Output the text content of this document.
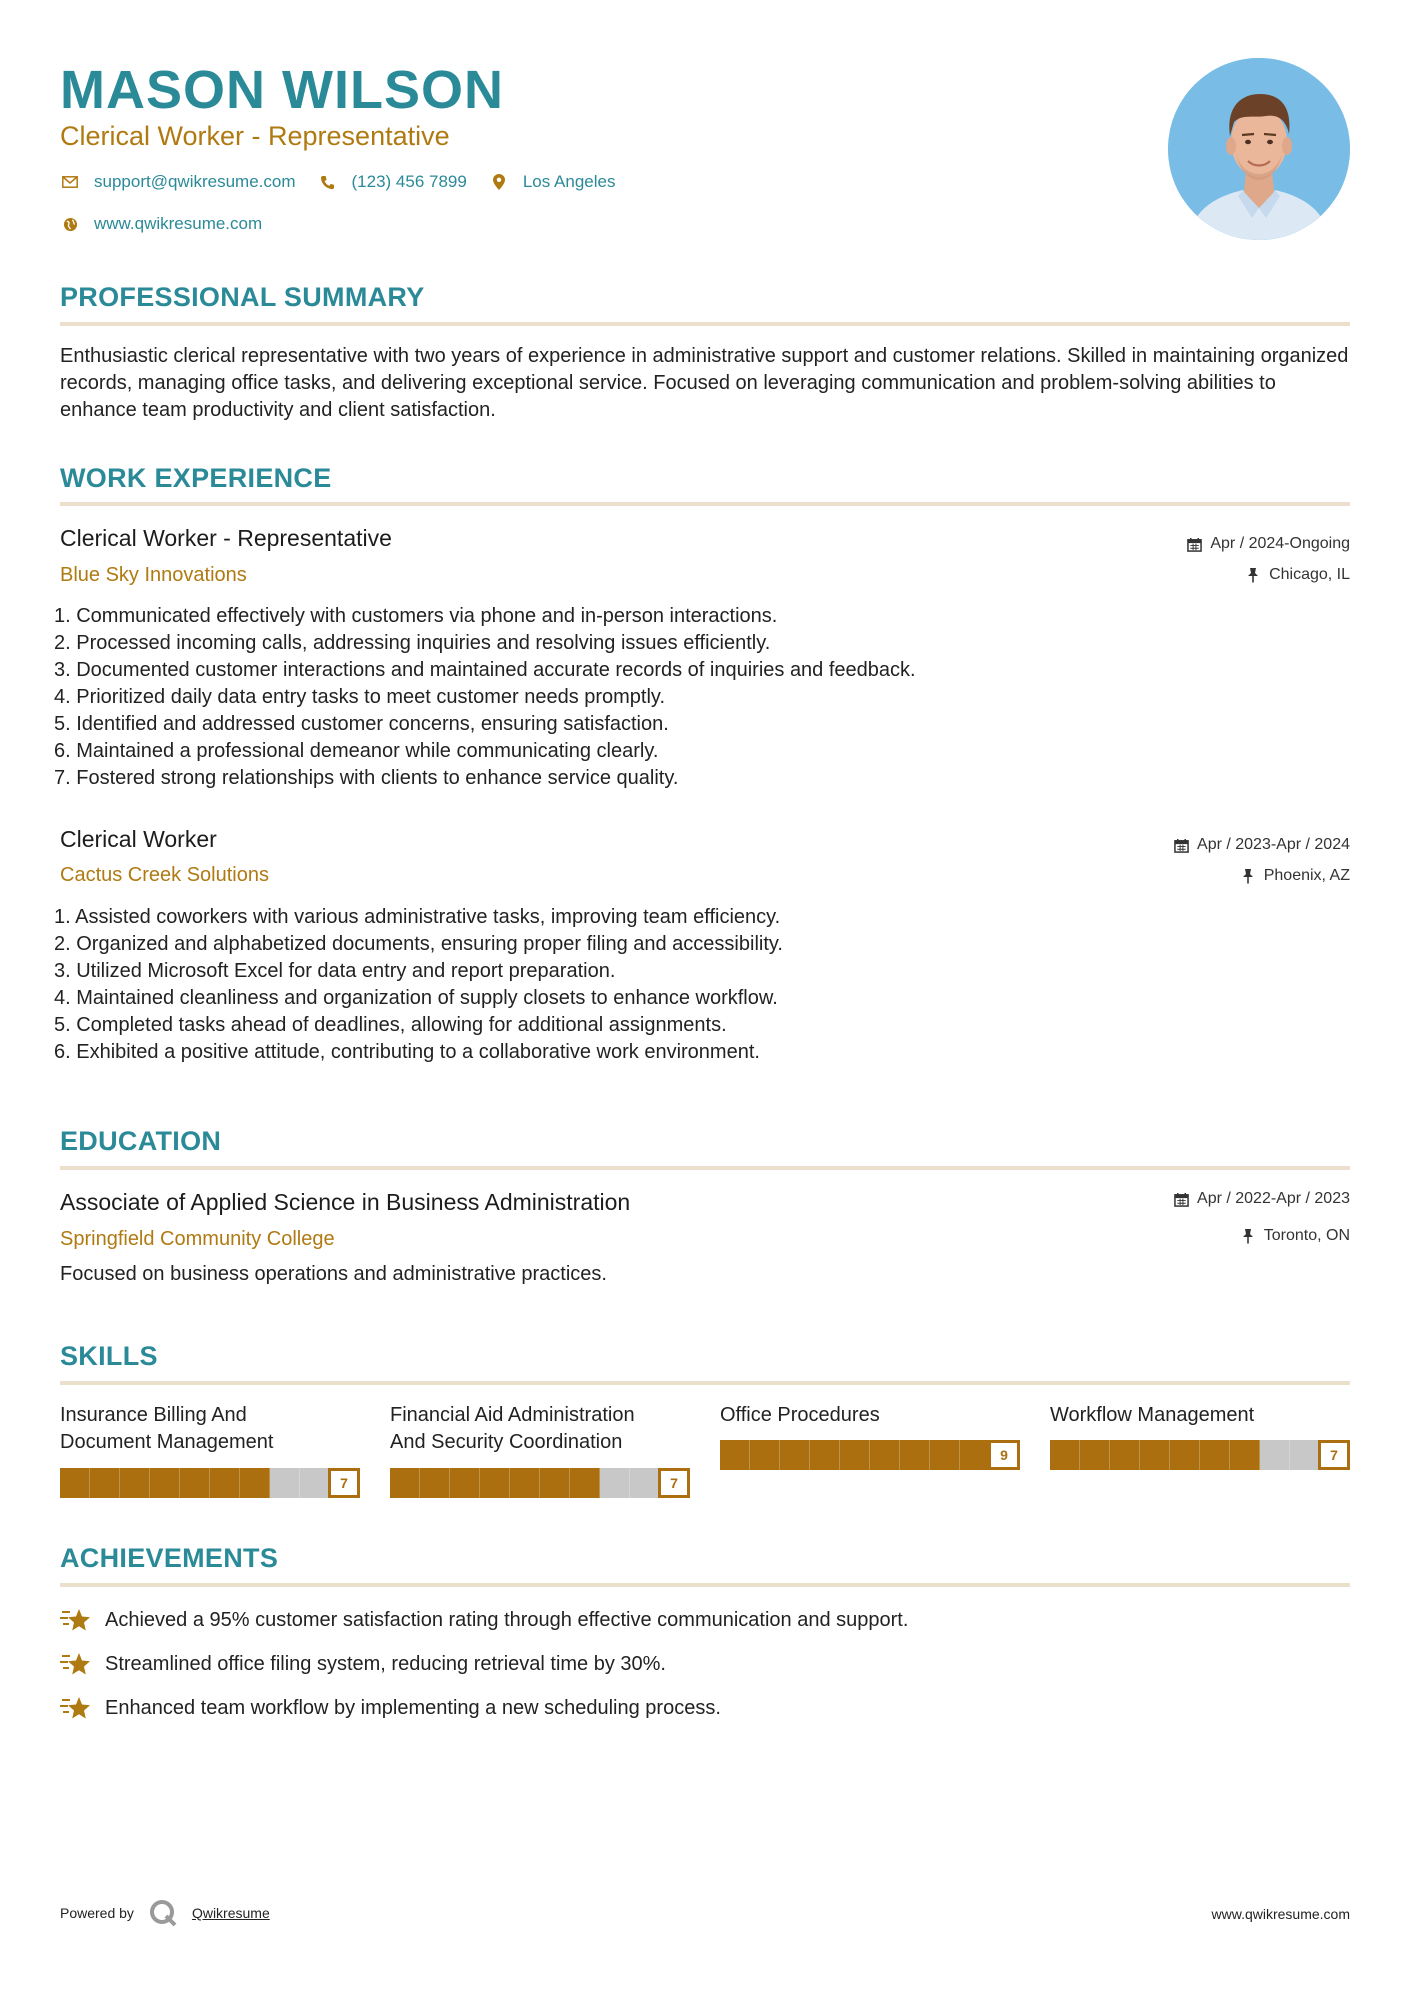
MASON WILSON
Clerical Worker - Representative
support@qwikresume.com	(123) 456 7899	Los Angeles
www.qwikresume.com
PROFESSIONAL SUMMARY

Enthusiastic clerical representative with two years of experience in administrative support and customer relations. Skilled in maintaining organized records, managing office tasks, and delivering exceptional service. Focused on leveraging communication and problem-solving abilities to enhance team productivity and client satisfaction.

WORK EXPERIENCE
Clerical Worker - Representative
Blue Sky Innovations
Apr / 2024-Ongoing
Chicago, IL
1. Communicated effectively with customers via phone and in-person interactions.
2. Processed incoming calls, addressing inquiries and resolving issues efficiently.
3. Documented customer interactions and maintained accurate records of inquiries and feedback.
4. Prioritized daily data entry tasks to meet customer needs promptly.
5. Identified and addressed customer concerns, ensuring satisfaction.
6. Maintained a professional demeanor while communicating clearly.
7. Fostered strong relationships with clients to enhance service quality.
Clerical Worker
Cactus Creek Solutions
Apr / 2023-Apr / 2024
Phoenix, AZ
1. Assisted coworkers with various administrative tasks, improving team efficiency.
2. Organized and alphabetized documents, ensuring proper filing and accessibility.
3. Utilized Microsoft Excel for data entry and report preparation.
4. Maintained cleanliness and organization of supply closets to enhance workflow.
5. Completed tasks ahead of deadlines, allowing for additional assignments.
6. Exhibited a positive attitude, contributing to a collaborative work environment.
EDUCATION
Associate of Applied Science in Business Administration
Springfield Community College
Apr / 2022-Apr / 2023
Toronto, ON
Focused on business operations and administrative practices.
SKILLS
Insurance Billing And
Document Management
7
Financial Aid Administration
And Security Coordination
7
Office Procedures
9
Workflow Management
7
ACHIEVEMENTS
Achieved a 95% customer satisfaction rating through effective communication and support.
Streamlined office filing system, reducing retrieval time by 30%.
Enhanced team workflow by implementing a new scheduling process.
Powered by	Qwikresume	www.qwikresume.com
